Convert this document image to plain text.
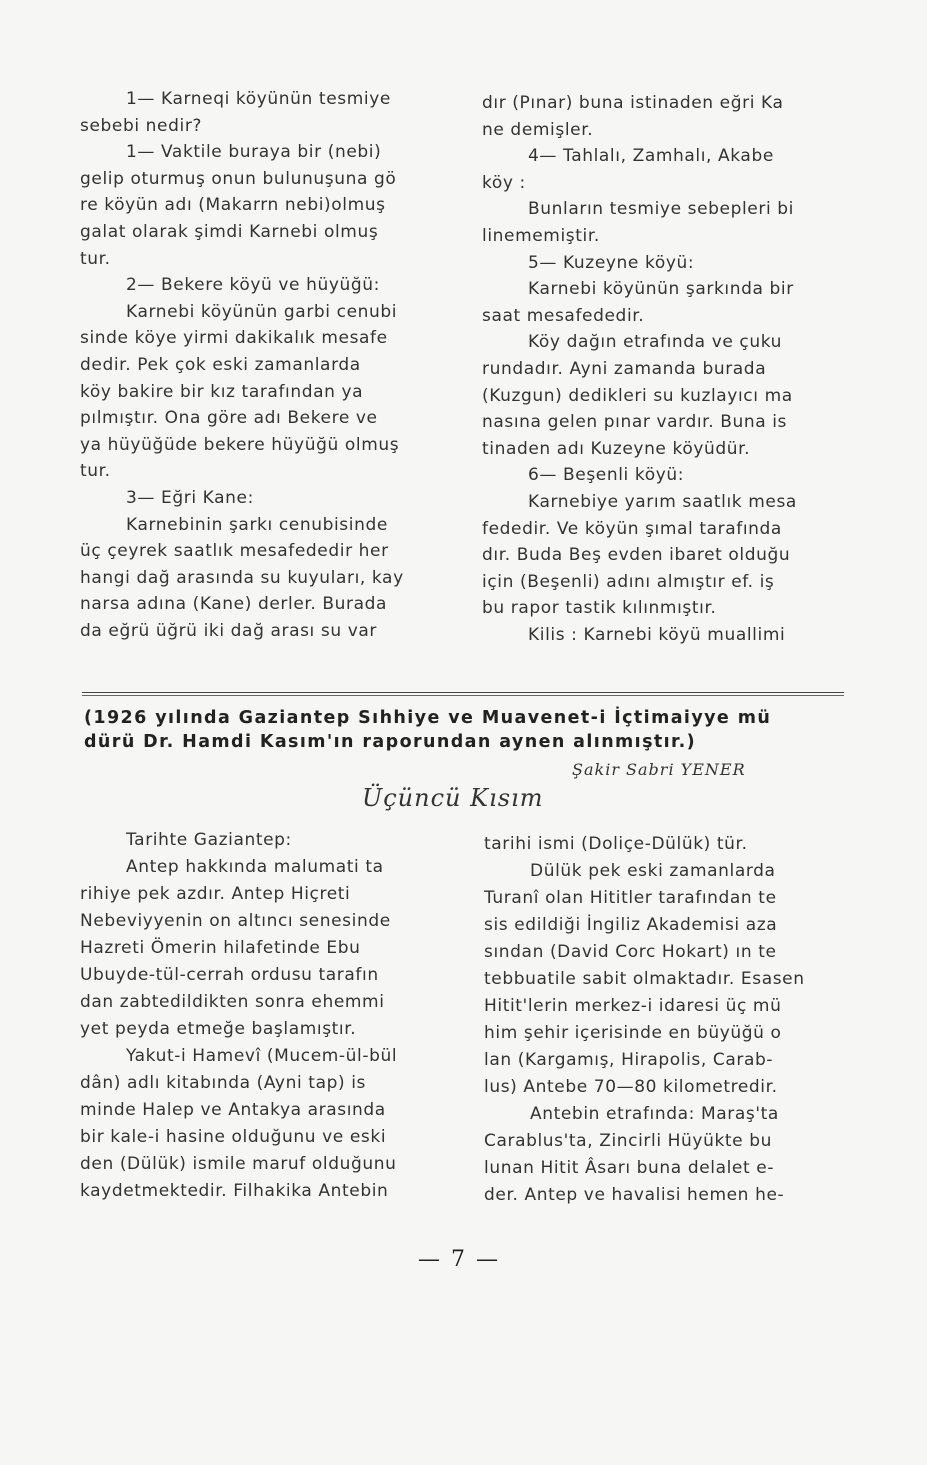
1— Karneqi köyünün tesmiye
sebebi nedir?
1— Vaktile buraya bir (nebi)
gelip oturmuş onun bulunuşuna gö
re köyün adı (Makarrn nebi)olmuş
galat olarak şimdi Karnebi olmuş
tur.
2— Bekere köyü ve hüyüğü:
Karnebi köyünün garbi cenubi
sinde köye yirmi dakikalık mesafe
dedir. Pek çok eski zamanlarda
köy bakire bir kız tarafından ya
pılmıştır. Ona göre adı Bekere ve
ya hüyüğüde bekere hüyüğü olmuş
tur.
3— Eğri Kane:
Karnebinin şarkı cenubisinde
üç çeyrek saatlık mesafededir her
hangi dağ arasında su kuyuları, kay
narsa adına (Kane) derler. Burada
da eğrü üğrü iki dağ arası su var
dır (Pınar) buna istinaden eğri Ka
ne demişler.
4— Tahlalı, Zamhalı, Akabe
köy :
Bunların tesmiye sebepleri bi
linememiştir.
5— Kuzeyne köyü:
Karnebi köyünün şarkında bir
saat mesafededir.
Köy dağın etrafında ve çuku
rundadır. Ayni zamanda burada
(Kuzgun) dedikleri su kuzlayıcı ma
nasına gelen pınar vardır. Buna is
tinaden adı Kuzeyne köyüdür.
6— Beşenli köyü:
Karnebiye yarım saatlık mesa
fededir. Ve köyün şımal tarafında
dır. Buda Beş evden ibaret olduğu
için (Beşenli) adını almıştır ef. iş
bu rapor tastik kılınmıştır.
Kilis : Karnebi köyü muallimi
(1926 yılında Gaziantep Sıhhiye ve Muavenet-i İçtimaiyye mü
dürü Dr. Hamdi Kasım'ın raporundan aynen alınmıştır.)
Şakir Sabri YENER
Üçüncü Kısım
Tarihte Gaziantep:
Antep hakkında malumati ta
rihiye pek azdır. Antep Hiçreti
Nebeviyyenin on altıncı senesinde
Hazreti Ömerin hilafetinde Ebu
Ubuyde-tül-cerrah ordusu tarafın
dan zabtedildikten sonra ehemmi
yet peyda etmeğe başlamıştır.
Yakut-i Hamevî (Mucem-ül-bül
dân) adlı kitabında (Ayni tap) is
minde Halep ve Antakya arasında
bir kale-i hasine olduğunu ve eski
den (Dülük) ismile maruf olduğunu
kaydetmektedir. Filhakika Antebin
tarihi ismi (Doliçe-Dülük) tür.
Dülük pek eski zamanlarda
Turanî olan Hititler tarafından te
sis edildiği İngiliz Akademisi aza
sından (David Corc Hokart) ın te
tebbuatile sabit olmaktadır. Esasen
Hitit'lerin merkez-i idaresi üç mü
him şehir içerisinde en büyüğü o
lan (Kargamış, Hirapolis, Carab-
lus) Antebe 70—80 kilometredir.
Antebin etrafında: Maraş'ta
Carablus'ta, Zincirli Hüyükte bu
lunan Hitit Âsarı buna delalet e-
der. Antep ve havalisi hemen he-
— 7 —
